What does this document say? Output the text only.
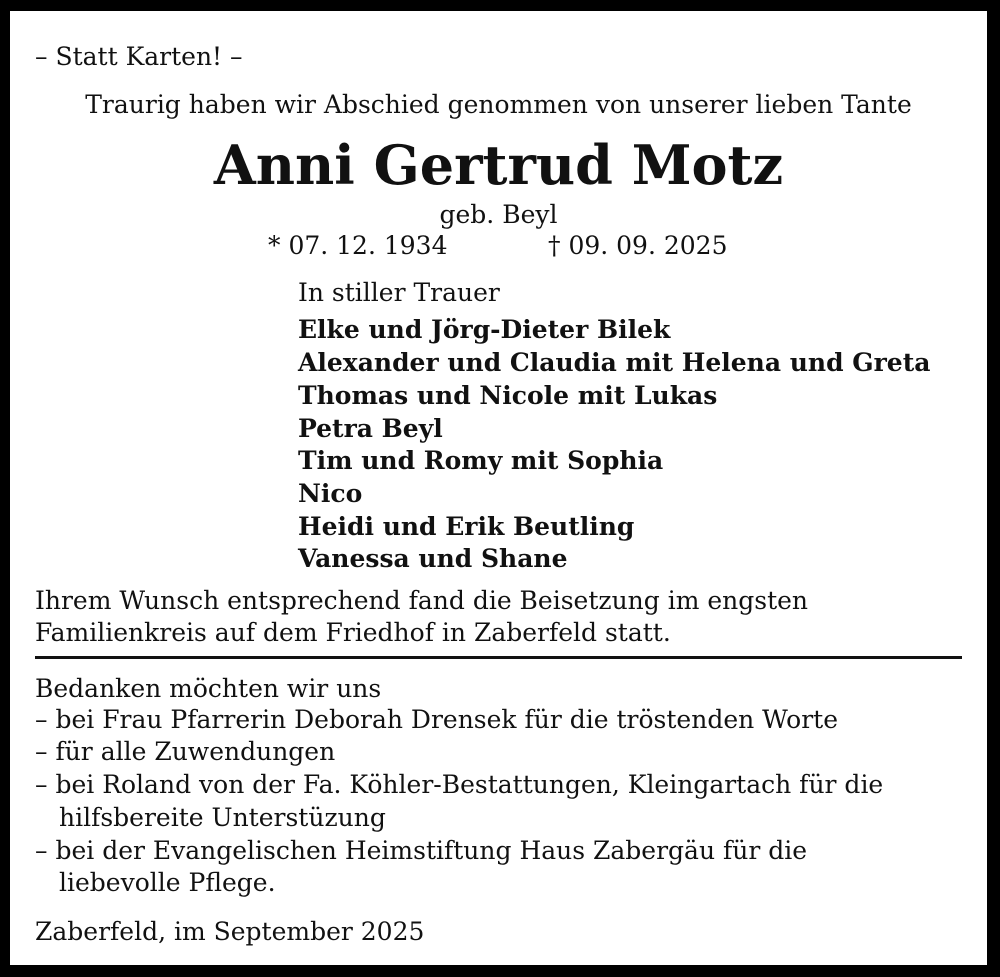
– Statt Karten! –
Traurig haben wir Abschied genommen von unserer lieben Tante
Anni Gertrud Motz
geb. Beyl
* 07. 12. 1934	† 09. 09. 2025
In stiller Trauer
Elke und Jörg-Dieter Bilek
Alexander und Claudia mit Helena und Greta
Thomas und Nicole mit Lukas
Petra Beyl
Tim und Romy mit Sophia
Nico
Heidi und Erik Beutling
Vanessa und Shane
Ihrem Wunsch entsprechend fand die Beisetzung im engsten
Familienkreis auf dem Friedhof in Zaberfeld statt.
Bedanken möchten wir uns
– bei Frau Pfarrerin Deborah Drensek für die tröstenden Worte
– für alle Zuwendungen
– bei Roland von der Fa. Köhler-Bestattungen, Kleingartach für die
hilfsbereite Unterstüzung
– bei der Evangelischen Heimstiftung Haus Zabergäu für die
liebevolle Pflege.
Zaberfeld, im September 2025
